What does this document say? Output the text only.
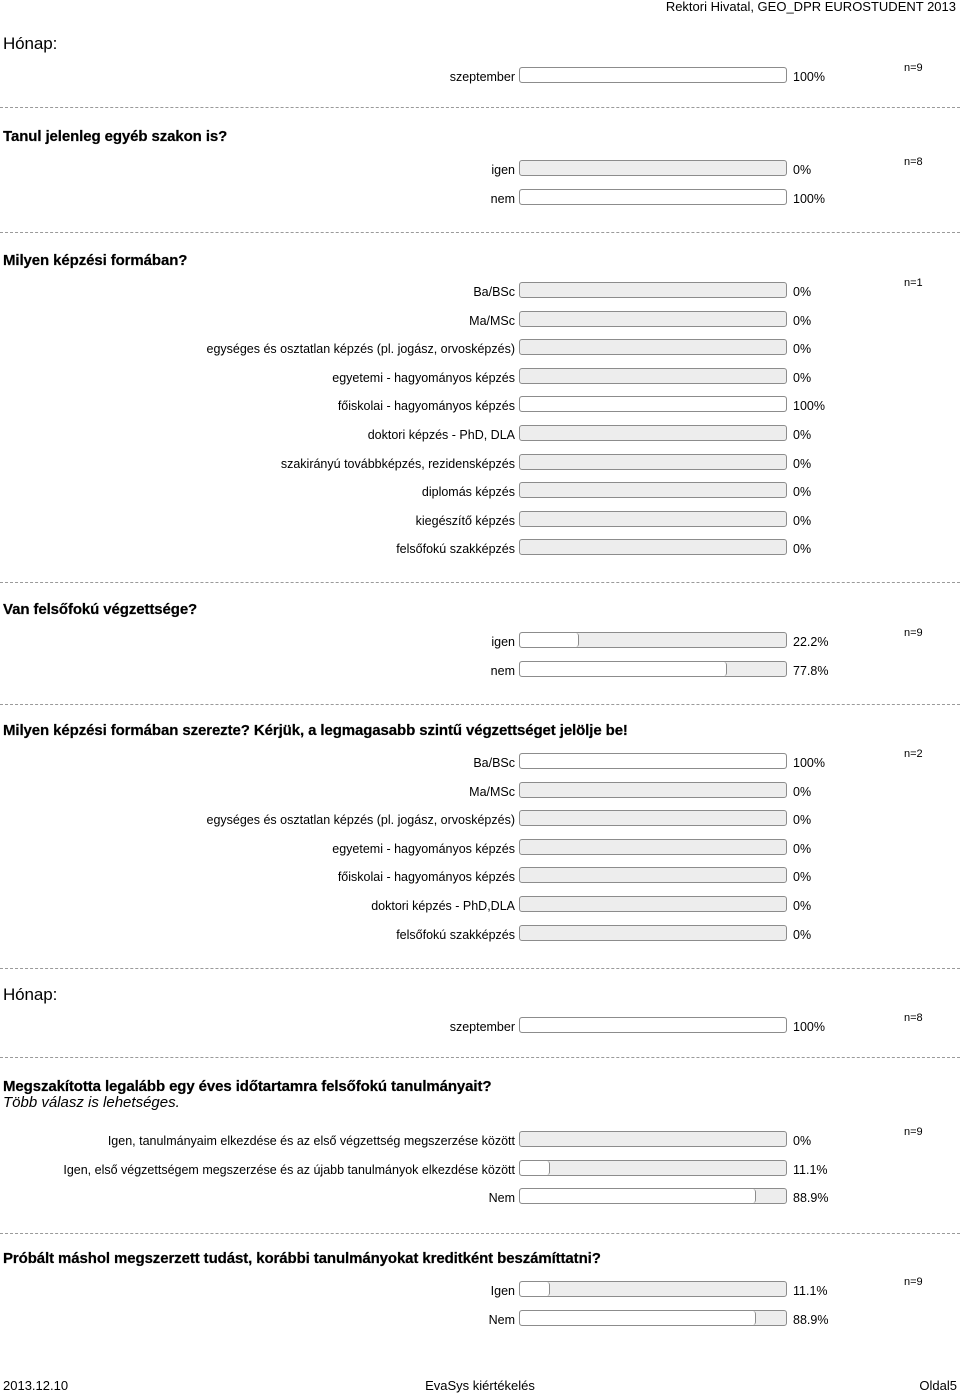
Rektori Hivatal, GEO_DPR EUROSTUDENT 2013
Hónap:
n=9
szeptember	100%
Tanul jelenleg egyéb szakon is?
n=8
igen	0%
nem	100%
Milyen képzési formában?
n=1
Ba/BSc	0%
Ma/MSc	0%
egységes és osztatlan képzés (pl. jogász, orvosképzés)	0%
egyetemi - hagyományos képzés	0%
főiskolai - hagyományos képzés	100%
doktori képzés - PhD, DLA	0%
szakirányú továbbképzés, rezidensképzés	0%
diplomás képzés	0%
kiegészítő képzés	0%
felsőfokú szakképzés	0%
Van felsőfokú végzettsége?
n=9
igen	22.2%
nem	77.8%
Milyen képzési formában szerezte? Kérjük, a legmagasabb szintű végzettséget jelölje be!
n=2
Ba/BSc	100%
Ma/MSc	0%
egységes és osztatlan képzés (pl. jogász, orvosképzés)	0%
egyetemi - hagyományos képzés	0%
főiskolai - hagyományos képzés	0%
doktori képzés - PhD,DLA	0%
felsőfokú szakképzés	0%
Hónap:
n=8
szeptember	100%
Megszakította legalább egy éves időtartamra felsőfokú tanulmányait?
Több válasz is lehetséges.
n=9
Igen, tanulmányaim elkezdése és az első végzettség megszerzése között	0%
Igen, első végzettségem megszerzése és az újabb tanulmányok elkezdése között	11.1%
Nem	88.9%
Próbált máshol megszerzett tudást, korábbi tanulmányokat kreditként beszámíttatni?
n=9
Igen	11.1%
Nem	88.9%
2013.12.10	EvaSys kiértékelés	Oldal5
